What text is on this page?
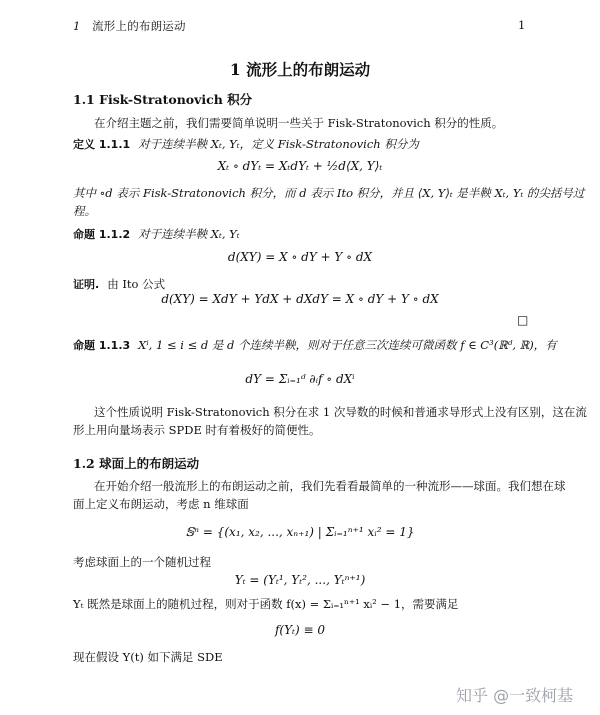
1 流形上的布朗运动	1
1 流形上的布朗运动
1.1 Fisk-Stratonovich 积分
在介绍主题之前，我们需要简单说明一些关于 Fisk-Stratonovich 积分的性质。
定义 1.1.1 对于连续半鞅 Xₜ, Yₜ，定义 Fisk-Stratonovich 积分为
Xₜ ∘ dYₜ = XₜdYₜ + ½d⟨X, Y⟩ₜ
其中 ∘d 表示 Fisk-Stratonovich 积分，而 d 表示 Ito 积分，并且 ⟨X, Y⟩ₜ 是半鞅 Xₜ, Yₜ 的尖括号过
程。
命题 1.1.2 对于连续半鞅 Xₜ, Yₜ
d(XY) = X ∘ dY + Y ∘ dX
证明. 由 Ito 公式
d(XY) = XdY + YdX + dXdY = X ∘ dY + Y ∘ dX
□
命题 1.1.3 Xⁱ, 1 ≤ i ≤ d 是 d 个连续半鞅，则对于任意三次连续可微函数 f ∈ C³(ℝᵈ, ℝ)，有
dY = Σᵢ₌₁ᵈ ∂ᵢf ∘ dXⁱ
这个性质说明 Fisk-Stratonovich 积分在求 1 次导数的时候和普通求导形式上没有区别，这在流
形上用向量场表示 SPDE 时有着极好的简便性。
1.2 球面上的布朗运动
在开始介绍一般流形上的布朗运动之前，我们先看看最简单的一种流形——球面。我们想在球
面上定义布朗运动，考虑 n 维球面
𝕊ⁿ = {(x₁, x₂, ..., xₙ₊₁) | Σᵢ₌₁ⁿ⁺¹ xᵢ² = 1}
考虑球面上的一个随机过程
Yₜ = (Yₜ¹, Yₜ², ..., Yₜⁿ⁺¹)
Yₜ 既然是球面上的随机过程，则对于函数 f(x) = Σᵢ₌₁ⁿ⁺¹ xᵢ² − 1，需要满足
f(Yₜ) ≡ 0
现在假设 Y(t) 如下满足 SDE
知乎 @一致柯基
